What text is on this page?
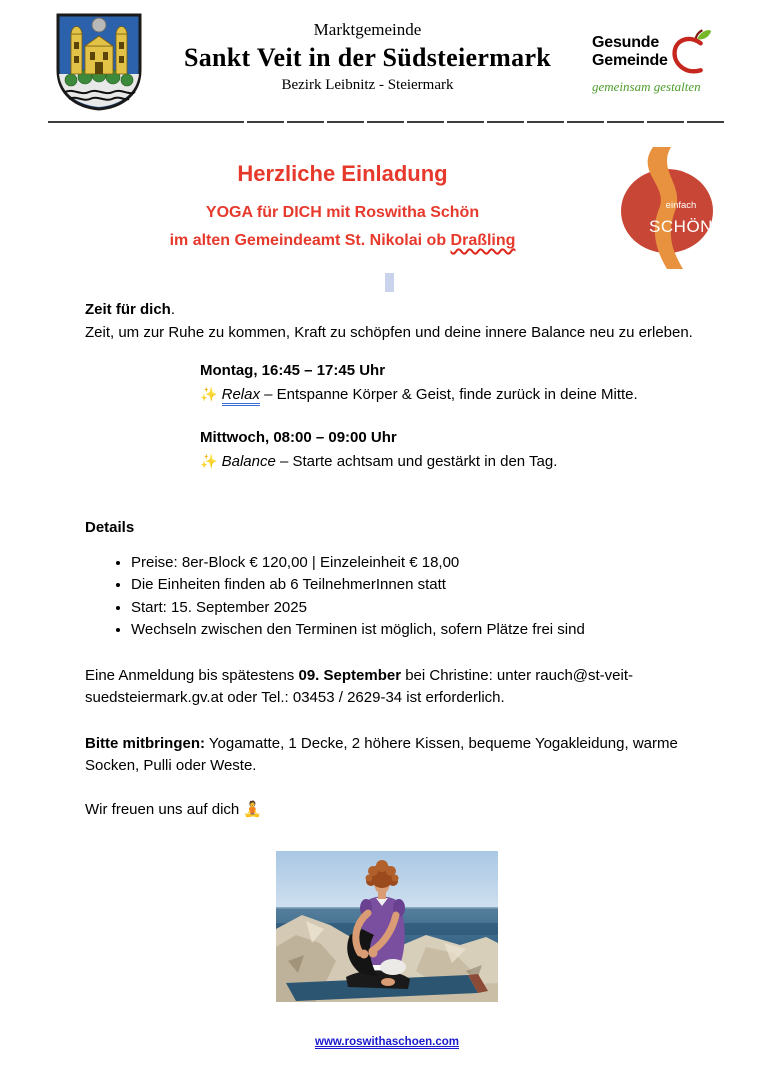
Marktgemeinde
Sankt Veit in der Südsteiermark
Bezirk Leibnitz - Steiermark
Gesunde
Gemeinde
gemeinsam gestalten
Herzliche Einladung
YOGA für DICH mit Roswitha Schön
im alten Gemeindeamt St. Nikolai ob Draßling
einfach
SCHÖN
Zeit für dich.
Zeit, um zur Ruhe zu kommen, Kraft zu schöpfen und deine innere Balance neu zu erleben.
Montag, 16:45 – 17:45 Uhr
✨ Relax – Entspanne Körper & Geist, finde zurück in deine Mitte.
Mittwoch, 08:00 – 09:00 Uhr
✨ Balance – Starte achtsam und gestärkt in den Tag.
Details
• Preise: 8er-Block € 120,00 | Einzeleinheit € 18,00
• Die Einheiten finden ab 6 TeilnehmerInnen statt
• Start: 15. September 2025
• Wechseln zwischen den Terminen ist möglich, sofern Plätze frei sind
Eine Anmeldung bis spätestens 09. September bei Christine: unter rauch@st-veit-suedsteiermark.gv.at oder Tel.: 03453 / 2629-34 ist erforderlich.
Bitte mitbringen: Yogamatte, 1 Decke, 2 höhere Kissen, bequeme Yogakleidung, warme Socken, Pulli oder Weste.
Wir freuen uns auf dich 🧘
www.roswithaschoen.com
